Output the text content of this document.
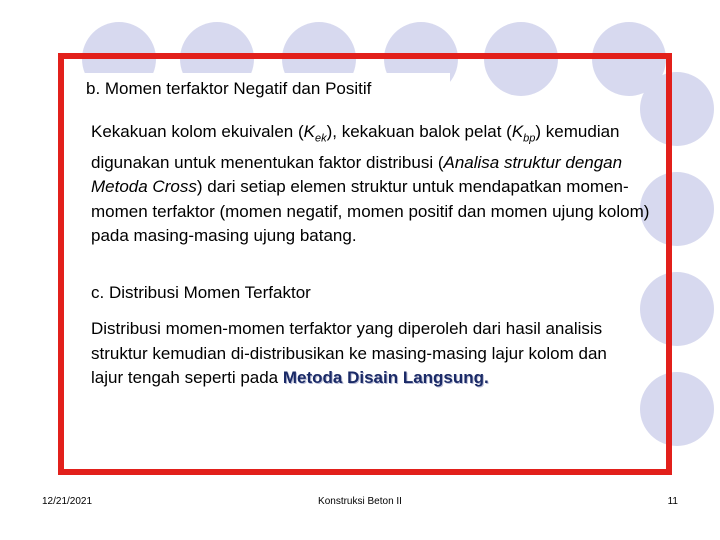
b. Momen terfaktor Negatif dan Positif

Kekakuan kolom ekuivalen $(K_{ek})$, kekakuan balok pelat $(K_{bp})$ kemudian digunakan untuk menentukan faktor distribusi (Analisa struktur dengan Metoda Cross) dari setiap elemen struktur untuk mendapatkan momen-momen terfaktor (momen negatif, momen positif dan momen ujung kolom) pada masing-masing ujung batang.

c. Distribusi Momen Terfaktor

Distribusi momen-momen terfaktor yang diperoleh dari hasil analisis struktur kemudian di-distribusikan ke masing-masing lajur kolom dan lajur tengah seperti pada Metoda Disain Langsung.

12/21/2021	Konstruksi Beton II	11
